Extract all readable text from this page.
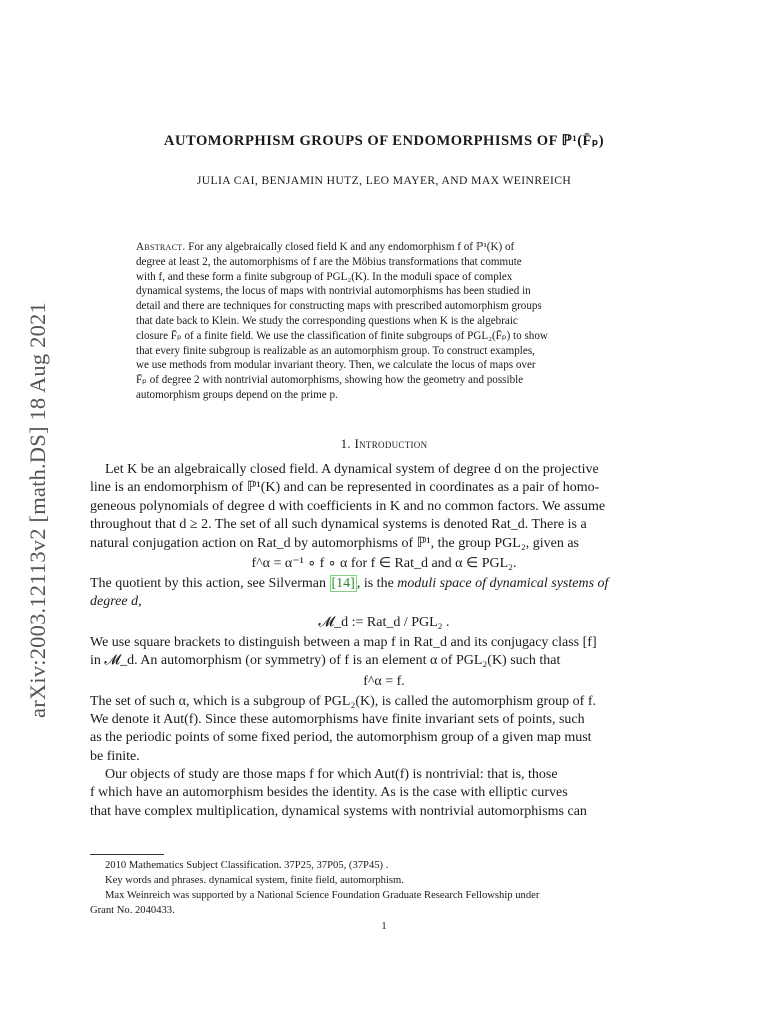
arXiv:2003.12113v2 [math.DS] 18 Aug 2021
AUTOMORPHISM GROUPS OF ENDOMORPHISMS OF ℙ¹(F̄ₚ)
JULIA CAI, BENJAMIN HUTZ, LEO MAYER, AND MAX WEINREICH
Abstract. For any algebraically closed field K and any endomorphism f of ℙ¹(K) of
degree at least 2, the automorphisms of f are the Möbius transformations that commute
with f, and these form a finite subgroup of PGL₂(K). In the moduli space of complex
dynamical systems, the locus of maps with nontrivial automorphisms has been studied in
detail and there are techniques for constructing maps with prescribed automorphism groups
that date back to Klein. We study the corresponding questions when K is the algebraic
closure F̄ₚ of a finite field. We use the classification of finite subgroups of PGL₂(F̄ₚ) to show
that every finite subgroup is realizable as an automorphism group. To construct examples,
we use methods from modular invariant theory. Then, we calculate the locus of maps over
F̄ₚ of degree 2 with nontrivial automorphisms, showing how the geometry and possible
automorphism groups depend on the prime p.
1. Introduction
Let K be an algebraically closed field. A dynamical system of degree d on the projective
line is an endomorphism of ℙ¹(K) and can be represented in coordinates as a pair of homo-
geneous polynomials of degree d with coefficients in K and no common factors. We assume
throughout that d ≥ 2. The set of all such dynamical systems is denoted Rat_d. There is a
natural conjugation action on Rat_d by automorphisms of ℙ¹, the group PGL₂, given as
f^α = α⁻¹ ∘ f ∘ α for f ∈ Rat_d and α ∈ PGL₂.
The quotient by this action, see Silverman [14] , is the moduli space of dynamical systems of
degree d,
𝓜_d := Rat_d / PGL₂ .
We use square brackets to distinguish between a map f in Rat_d and its conjugacy class [f]
in 𝓜_d. An automorphism (or symmetry) of f is an element α of PGL₂(K) such that
f^α = f.
The set of such α, which is a subgroup of PGL₂(K), is called the automorphism group of f.
We denote it Aut(f). Since these automorphisms have finite invariant sets of points, such
as the periodic points of some fixed period, the automorphism group of a given map must
be finite.
Our objects of study are those maps f for which Aut(f) is nontrivial: that is, those
f which have an automorphism besides the identity. As is the case with elliptic curves
that have complex multiplication, dynamical systems with nontrivial automorphisms can
2010 Mathematics Subject Classification. 37P25, 37P05, (37P45) .
Key words and phrases. dynamical system, finite field, automorphism.
Max Weinreich was supported by a National Science Foundation Graduate Research Fellowship under
Grant No. 2040433.
1
